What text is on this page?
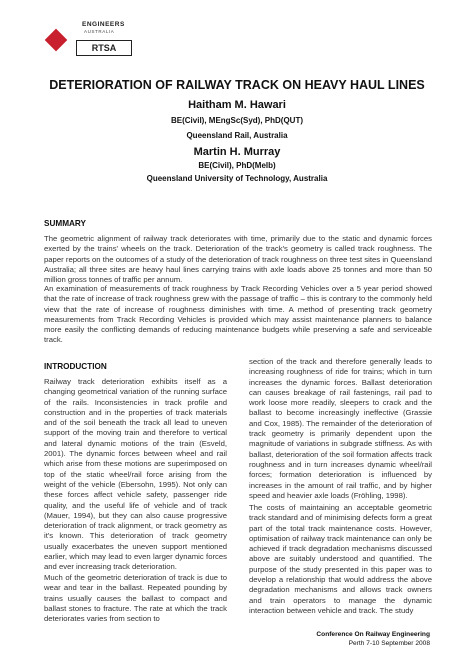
ENGINEERS
AUSTRALIA
RTSA
DETERIORATION OF RAILWAY TRACK ON HEAVY HAUL LINES
Haitham M. Hawari
BE(Civil), MEngSc(Syd), PhD(QUT)
Queensland Rail, Australia
Martin H. Murray
BE(Civil), PhD(Melb)
Queensland University of Technology, Australia
SUMMARY

The geometric alignment of railway track deteriorates with time, primarily due to the static and dynamic forces exerted by the trains' wheels on the track. Deterioration of the track's geometry is called track roughness. The paper reports on the outcomes of a study of the deterioration of track roughness on three test sites in Queensland Australia; all three sites are heavy haul lines carrying trains with axle loads above 25 tonnes and more than 50 million gross tonnes of traffic per annum.

An examination of measurements of track roughness by Track Recording Vehicles over a 5 year period showed that the rate of increase of track roughness grew with the passage of traffic – this is contrary to the commonly held view that the rate of increase of roughness diminishes with time. A method of presenting track geometry measurements from Track Recording Vehicles is provided which may assist maintenance planners to balance more easily the conflicting demands of reducing maintenance budgets while preserving a safe and serviceable track.

INTRODUCTION

Railway track deterioration exhibits itself as a changing geometrical variation of the running surface of the rails. Inconsistencies in track profile and construction and in the properties of track materials and of the soil beneath the track all lead to uneven support of the moving train and therefore to vertical and lateral dynamic motions of the train (Esveld, 2001). The dynamic forces between wheel and rail which arise from these motions are superimposed on top of the static wheel/rail force arising from the weight of the vehicle (Ebersohn, 1995). Not only can these forces affect vehicle safety, passenger ride quality, and the useful life of vehicle and of track (Mauer, 1994), but they can also cause progressive deterioration of track alignment, or track geometry as it's known. This deterioration of track geometry usually exacerbates the uneven support mentioned earlier, which may lead to even larger dynamic forces and ever increasing track deterioration.

Much of the geometric deterioration of track is due to wear and tear in the ballast. Repeated pounding by trains usually causes the ballast to compact and ballast stones to fracture. The rate at which the track deteriorates varies from section to

section of the track and therefore generally leads to increasing roughness of ride for trains; which in turn increases the dynamic forces. Ballast deterioration can causes breakage of rail fastenings, rail pad to work loose more readily, sleepers to crack and the ballast to become increasingly ineffective (Grassie and Cox, 1985). The remainder of the deterioration of track geometry is primarily dependent upon the magnitude of variations in subgrade stiffness. As with ballast, deterioration of the soil formation affects track roughness and in turn increases dynamic wheel/rail forces; formation deterioration is influenced by increases in the amount of rail traffic, and by higher speed and heavier axle loads (Fröhling, 1998).

The costs of maintaining an acceptable geometric track standard and of minimising defects form a great part of the total track maintenance costs. However, optimisation of railway track maintenance can only be achieved if track degradation mechanisms discussed above are suitably understood and quantified. The purpose of the study presented in this paper was to develop a relationship that would address the above degradation mechanisms and allows track owners and train operators to manage the dynamic interaction between vehicle and track. The study

Conference On Railway Engineering
Perth 7-10 September 2008
